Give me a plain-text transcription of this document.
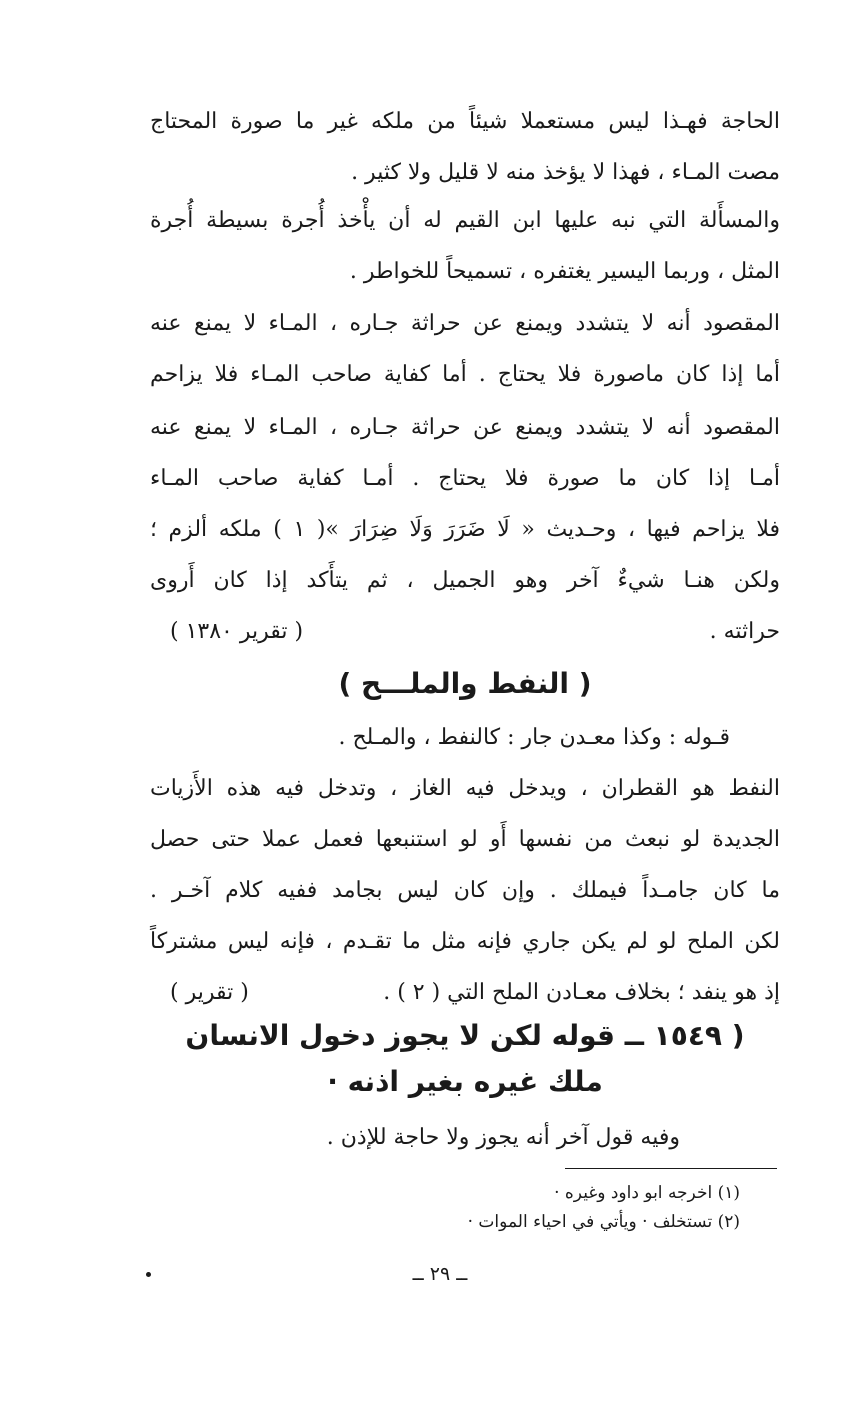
الحاجة فهـذا ليس مستعملا شيئاً من ملكه غير ما صورة المحتاج
مصت المـاء ، فهذا لا يؤخذ منه لا قليل ولا كثير .
والمسأَلة التي نبه عليها ابن القيم له أن يأْخذ أُجرة بسيطة أُجرة
المثل ، وربما اليسير يغتفره ، تسميحاً للخواطر .
المقصود أنه لا يتشدد ويمنع عن حراثة جـاره ، المـاء لا يمنع عنه
أما إذا كان ماصورة فلا يحتاج . أما كفاية صاحب المـاء فلا يزاحم
المقصود أنه لا يتشدد ويمنع عن حراثة جـاره ، المـاء لا يمنع عنه
أمـا إذا كان ما صورة فلا يحتاج . أمـا كفاية صاحب المـاء
فلا يزاحم فيها ، وحـديث « لَا ضَرَرَ وَلَا ضِرَارَ »( ١ ) ملكه ألزم ؛
ولكن هنـا شيءٌ آخر وهو الجميل ، ثم يتأَكد إذا كان أَروى
حراثته .
( تقرير ١٣٨٠ )
( النفط والملـــح )
قـوله : وكذا معـدن جار : كالنفط ، والمـلح .
النفط هو القطران ، ويدخل فيه الغاز ، وتدخل فيه هذه الأَزيات
الجديدة لو نبعث من نفسها أَو لو استنبعها فعمل عملا حتى حصل
ما كان جامـداً فيملك . وإن كان ليس بجامد ففيه كلام آخـر .
لكن الملح لو لم يكن جاري فإنه مثل ما تقـدم ، فإنه ليس مشتركاً
إذ هو ينفد ؛ بخلاف معـادن الملح التي ( ٢ ) .
( تقرير )
( ١٥٤٩ ــ قوله لكن لا يجوز دخول الانسان
ملك غيره بغير اذنه ·
وفيه قول آخر أنه يجوز ولا حاجة للإذن .
(١) اخرجه ابو داود وغيره ·
(٢) تستخلف · ويأتي في احياء الموات ·
ــ ٢٩ ــ
